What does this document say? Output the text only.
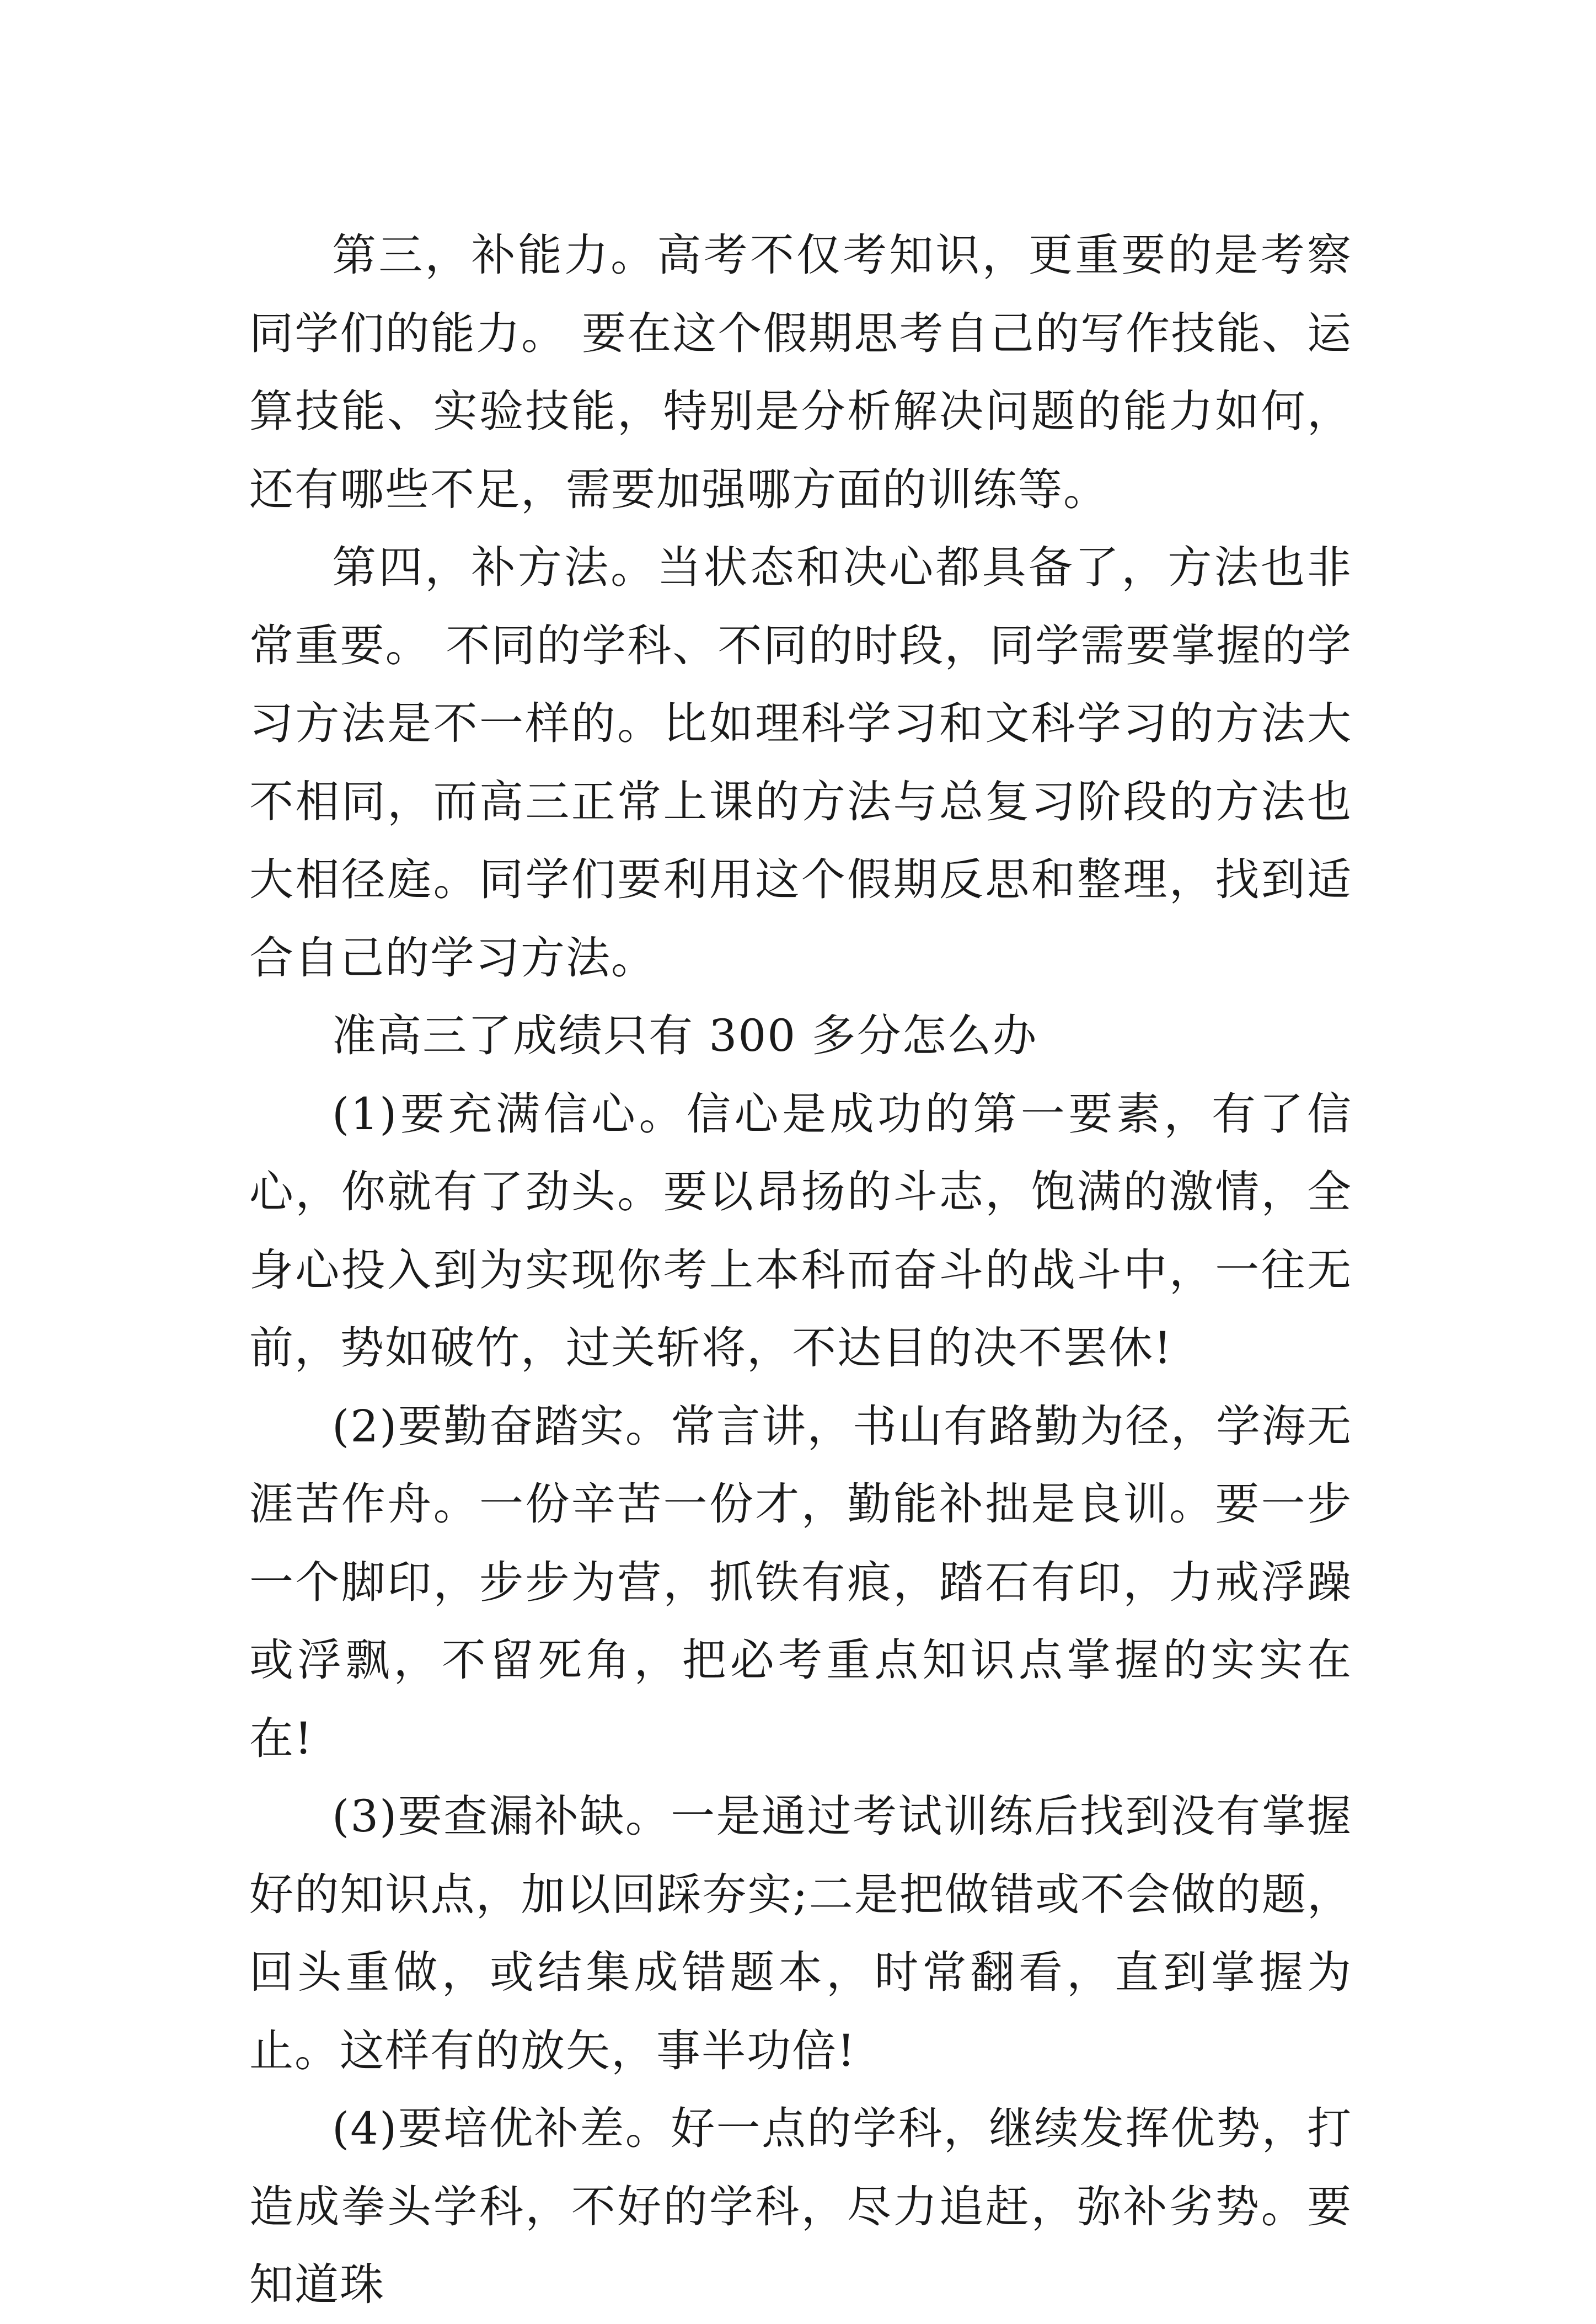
第三，补能力。高考不仅考知识，更重要的是考察同学们的能力。 要在这个假期思考自己的写作技能、运算技能、实验技能，特别是分析解决问题的能力如何，还有哪些不足，需要加强哪方面的训练等。

第四，补方法。当状态和决心都具备了，方法也非常重要。 不同的学科、不同的时段，同学需要掌握的学习方法是不一样的。比如理科学习和文科学习的方法大不相同，而高三正常上课的方法与总复习阶段的方法也大相径庭。同学们要利用这个假期反思和整理，找到适合自己的学习方法。

准高三了成绩只有 300 多分怎么办

(1)要充满信心。信心是成功的第一要素，有了信心，你就有了劲头。要以昂扬的斗志，饱满的激情，全身心投入到为实现你考上本科而奋斗的战斗中，一往无前，势如破竹，过关斩将，不达目的决不罢休!

(2)要勤奋踏实。常言讲，书山有路勤为径，学海无涯苦作舟。一份辛苦一份才，勤能补拙是良训。要一步一个脚印，步步为营，抓铁有痕，踏石有印，力戒浮躁或浮飘，不留死角，把必考重点知识点掌握的实实在在!

(3)要查漏补缺。一是通过考试训练后找到没有掌握好的知识点，加以回踩夯实;二是把做错或不会做的题，回头重做，或结集成错题本，时常翻看，直到掌握为止。这样有的放矢，事半功倍!

(4)要培优补差。好一点的学科，继续发挥优势，打造成拳头学科，不好的学科，尽力追赶，弥补劣势。要知道珠
